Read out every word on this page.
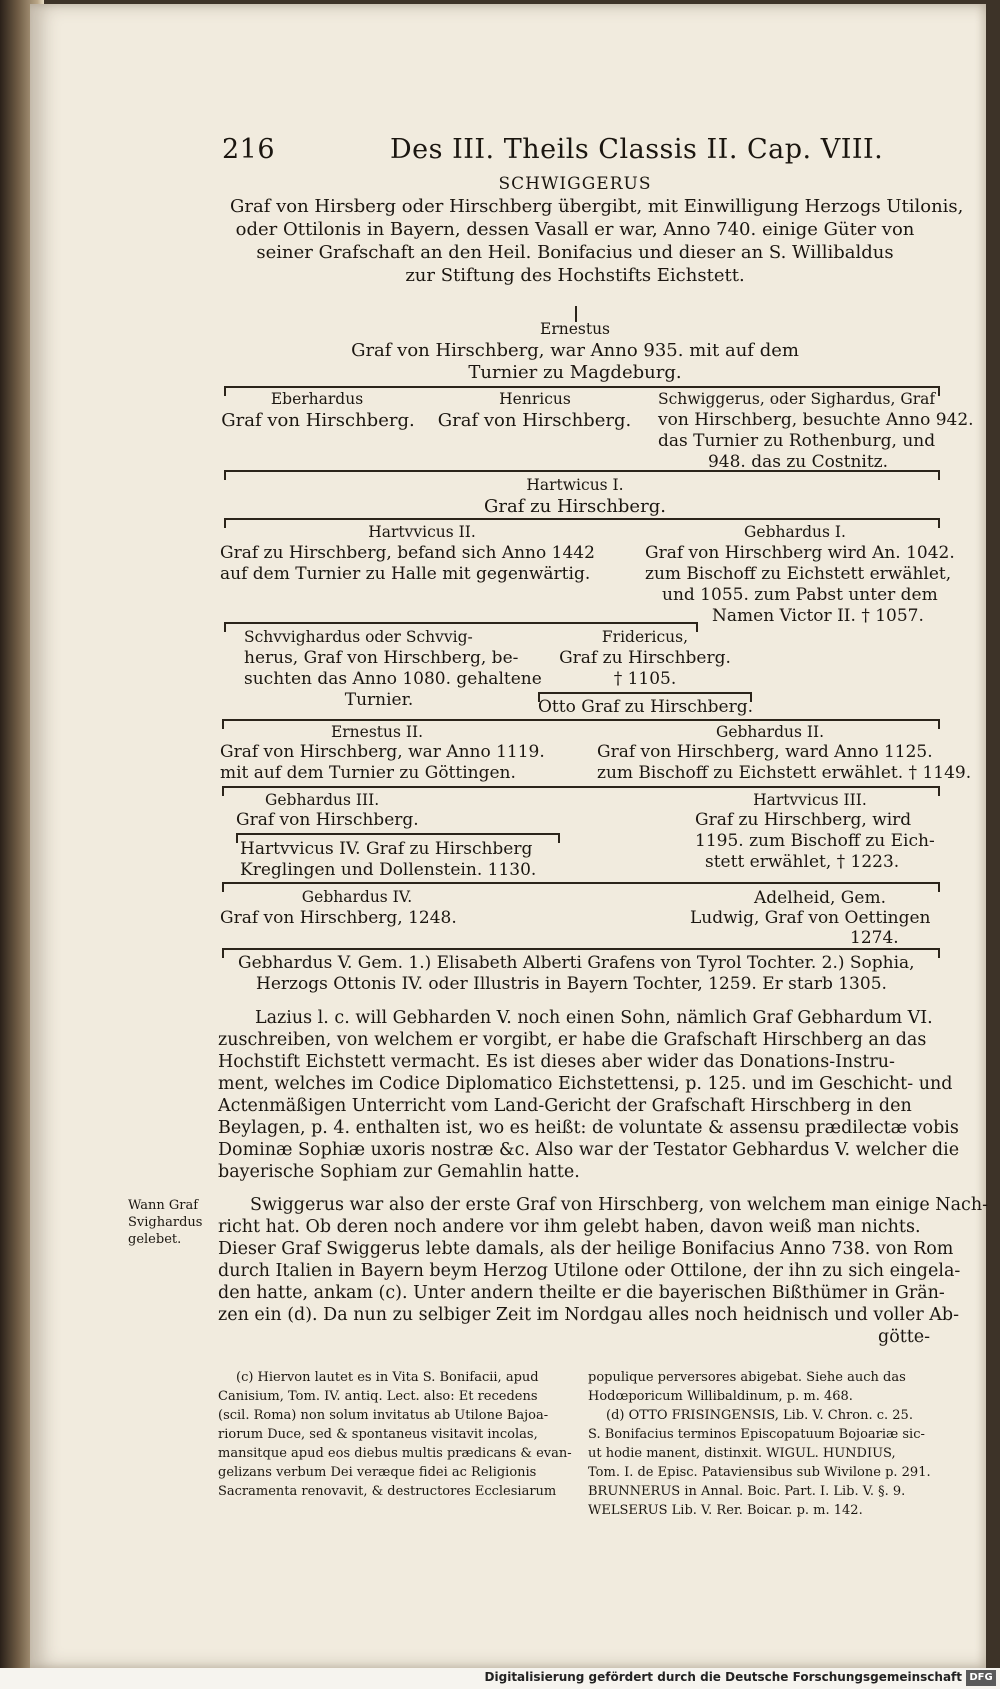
216	Des III. Theils Classis II. Cap. VIII.
SCHWIGGERUS
Graf von Hirsberg oder Hirschberg übergibt, mit Einwilligung Herzogs Utilonis,
oder Ottilonis in Bayern, dessen Vasall er war, Anno 740. einige Güter von
seiner Grafschaft an den Heil. Bonifacius und dieser an S. Willibaldus
zur Stiftung des Hochstifts Eichstett.
Ernestus
Graf von Hirschberg, war Anno 935. mit auf dem
Turnier zu Magdeburg.
Eberhardus
Graf von Hirschberg.
Henricus
Graf von Hirschberg.
Schwiggerus, oder Sighardus, Graf
von Hirschberg, besuchte Anno 942.
das Turnier zu Rothenburg, und
948. das zu Costnitz.
Hartwicus I.
Graf zu Hirschberg.
Hartvvicus II.
Graf zu Hirschberg, befand sich Anno 1442
auf dem Turnier zu Halle mit gegenwärtig.
Gebhardus I.
Graf von Hirschberg wird An. 1042.
zum Bischoff zu Eichstett erwählet,
und 1055. zum Pabst unter dem
Namen Victor II. † 1057.
Schvvighardus oder Schvvig-
herus, Graf von Hirschberg, be-
suchten das Anno 1080. gehaltene
Turnier.
Fridericus,
Graf zu Hirschberg.
† 1105.
Otto Graf zu Hirschberg.
Ernestus II.
Graf von Hirschberg, war Anno 1119.
mit auf dem Turnier zu Göttingen.
Gebhardus II.
Graf von Hirschberg, ward Anno 1125.
zum Bischoff zu Eichstett erwählet. † 1149.
Gebhardus III.
Graf von Hirschberg.
Hartvvicus III.
Graf zu Hirschberg, wird
1195. zum Bischoff zu Eich-
stett erwählet, † 1223.
Hartvvicus IV. Graf zu Hirschberg
Kreglingen und Dollenstein. 1130.
Gebhardus IV.
Graf von Hirschberg, 1248.
Adelheid, Gem.
Ludwig, Graf von Oettingen
1274.
Gebhardus V. Gem. 1.) Elisabeth Alberti Grafens von Tyrol Tochter. 2.) Sophia,
Herzogs Ottonis IV. oder Illustris in Bayern Tochter, 1259. Er starb 1305.
Lazius l. c. will Gebharden V. noch einen Sohn, nämlich Graf Gebhardum VI.
zuschreiben, von welchem er vorgibt, er habe die Grafschaft Hirschberg an das
Hochstift Eichstett vermacht. Es ist dieses aber wider das Donations-Instru-
ment, welches im Codice Diplomatico Eichstettensi, p. 125. und im Geschicht- und
Actenmäßigen Unterricht vom Land-Gericht der Grafschaft Hirschberg in den
Beylagen, p. 4. enthalten ist, wo es heißt: de voluntate & assensu prædilectæ vobis
Dominæ Sophiæ uxoris nostræ &c. Also war der Testator Gebhardus V. welcher die
bayerische Sophiam zur Gemahlin hatte.
Wann Graf
Svighardus
gelebet.
Swiggerus war also der erste Graf von Hirschberg, von welchem man einige Nach-
richt hat. Ob deren noch andere vor ihm gelebt haben, davon weiß man nichts.
Dieser Graf Swiggerus lebte damals, als der heilige Bonifacius Anno 738. von Rom
durch Italien in Bayern beym Herzog Utilone oder Ottilone, der ihn zu sich eingela-
den hatte, ankam (c). Unter andern theilte er die bayerischen Bißthümer in Grän-
zen ein (d). Da nun zu selbiger Zeit im Nordgau alles noch heidnisch und voller Ab-
götte-
(c) Hiervon lautet es in Vita S. Bonifacii, apud
Canisium, Tom. IV. antiq. Lect. also: Et recedens
(scil. Roma) non solum invitatus ab Utilone Bajoa-
riorum Duce, sed & spontaneus visitavit incolas,
mansitque apud eos diebus multis prædicans & evan-
gelizans verbum Dei veræque fidei ac Religionis
Sacramenta renovavit, & destructores Ecclesiarum
populique perversores abigebat. Siehe auch das
Hodœporicum Willibaldinum, p. m. 468.
(d) OTTO FRISINGENSIS, Lib. V. Chron. c. 25.
S. Bonifacius terminos Episcopatuum Bojoariæ sic-
ut hodie manent, distinxit. WIGUL. HUNDIUS,
Tom. I. de Episc. Pataviensibus sub Wivilone p. 291.
BRUNNERUS in Annal. Boic. Part. I. Lib. V. §. 9.
WELSERUS Lib. V. Rer. Boicar. p. m. 142.
Digitalisierung gefördert durch die Deutsche Forschungsgemeinschaft DFG
